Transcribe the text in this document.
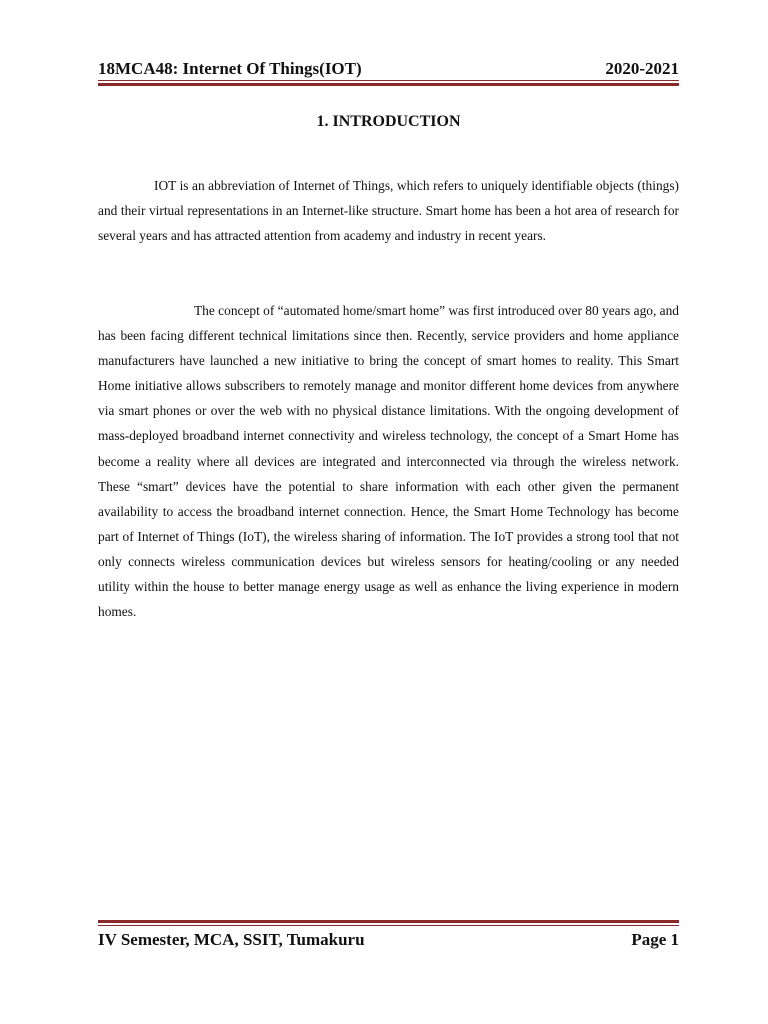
18MCA48: Internet Of Things(IOT)	2020-2021
1. INTRODUCTION

IOT is an abbreviation of Internet of Things, which refers to uniquely identifiable objects (things) and their virtual representations in an Internet-like structure. Smart home has been a hot area of research for several years and has attracted attention from academy and industry in recent years.

The concept of “automated home/smart home” was first introduced over 80 years ago, and has been facing different technical limitations since then. Recently, service providers and home appliance manufacturers have launched a new initiative to bring the concept of smart homes to reality. This Smart Home initiative allows subscribers to remotely manage and monitor different home devices from anywhere via smart phones or over the web with no physical distance limitations. With the ongoing development of mass-deployed broadband internet connectivity and wireless technology, the concept of a Smart Home has become a reality where all devices are integrated and interconnected via through the wireless network. These “smart” devices have the potential to share information with each other given the permanent availability to access the broadband internet connection. Hence, the Smart Home Technology has become part of Internet of Things (IoT), the wireless sharing of information. The IoT provides a strong tool that not only connects wireless communication devices but wireless sensors for heating/cooling or any needed utility within the house to better manage energy usage as well as enhance the living experience in modern homes.

IV Semester, MCA, SSIT, Tumakuru	Page 1
